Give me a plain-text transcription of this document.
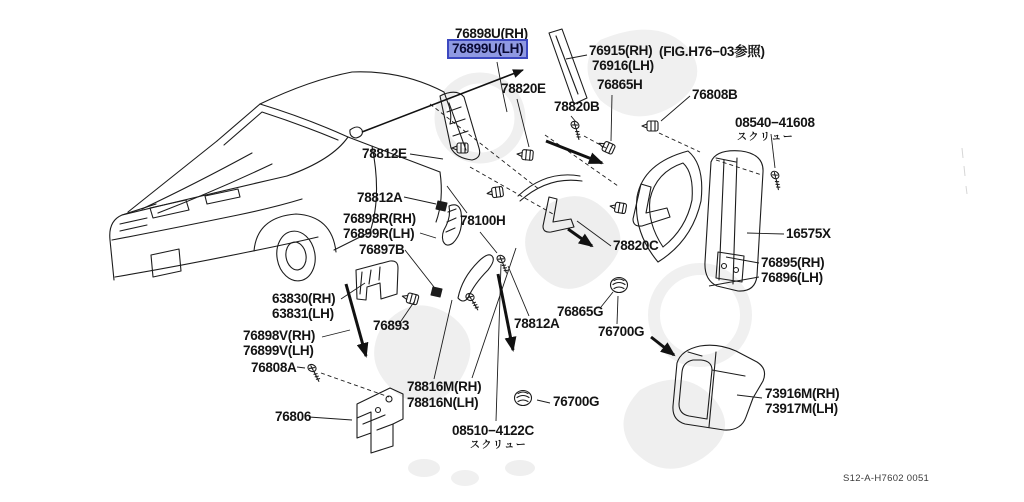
76898U(RH)
76899U(LH)	76915(RH) (FIG.H76−03参照)
76916(LH)
76865H
78820E	76808B
78820B
08540−41608
スクリュー
78812E
78812A
76898R(RH)	78100H
76899R(LH)	16575X
78820C
76897B
76895(RH)
76896(LH)
63830(RH)
76865G
63831(LH)
78812A
76893	76700G
76898V(RH)
76899V(LH)
76808A
78816M(RH)	73916M(RH)
76700G
78816N(LH)	73917M(LH)
76806
08510−4122C
スクリュー
S12-A-H7602 0051
